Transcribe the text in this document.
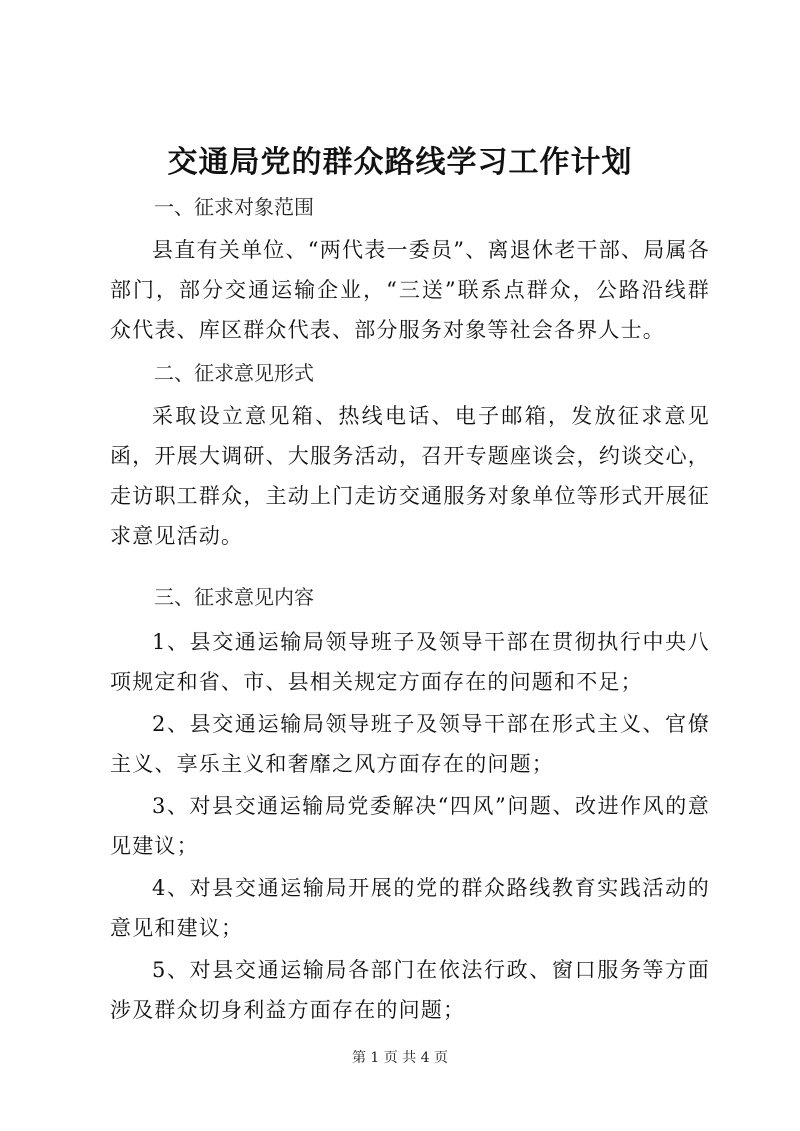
交通局党的群众路线学习工作计划

一、征求对象范围

县直有关单位、“两代表一委员”、离退休老干部、局属各部门，部分交通运输企业，“三送”联系点群众，公路沿线群众代表、库区群众代表、部分服务对象等社会各界人士。

二、征求意见形式

采取设立意见箱、热线电话、电子邮箱，发放征求意见函，开展大调研、大服务活动，召开专题座谈会，约谈交心，走访职工群众，主动上门走访交通服务对象单位等形式开展征求意见活动。

三、征求意见内容

1、县交通运输局领导班子及领导干部在贯彻执行中央八项规定和省、市、县相关规定方面存在的问题和不足；

2、县交通运输局领导班子及领导干部在形式主义、官僚主义、享乐主义和奢靡之风方面存在的问题；

3、对县交通运输局党委解决“四风”问题、改进作风的意见建议；

4、对县交通运输局开展的党的群众路线教育实践活动的意见和建议；

5、对县交通运输局各部门在依法行政、窗口服务等方面涉及群众切身利益方面存在的问题；

第 1 页 共 4 页
